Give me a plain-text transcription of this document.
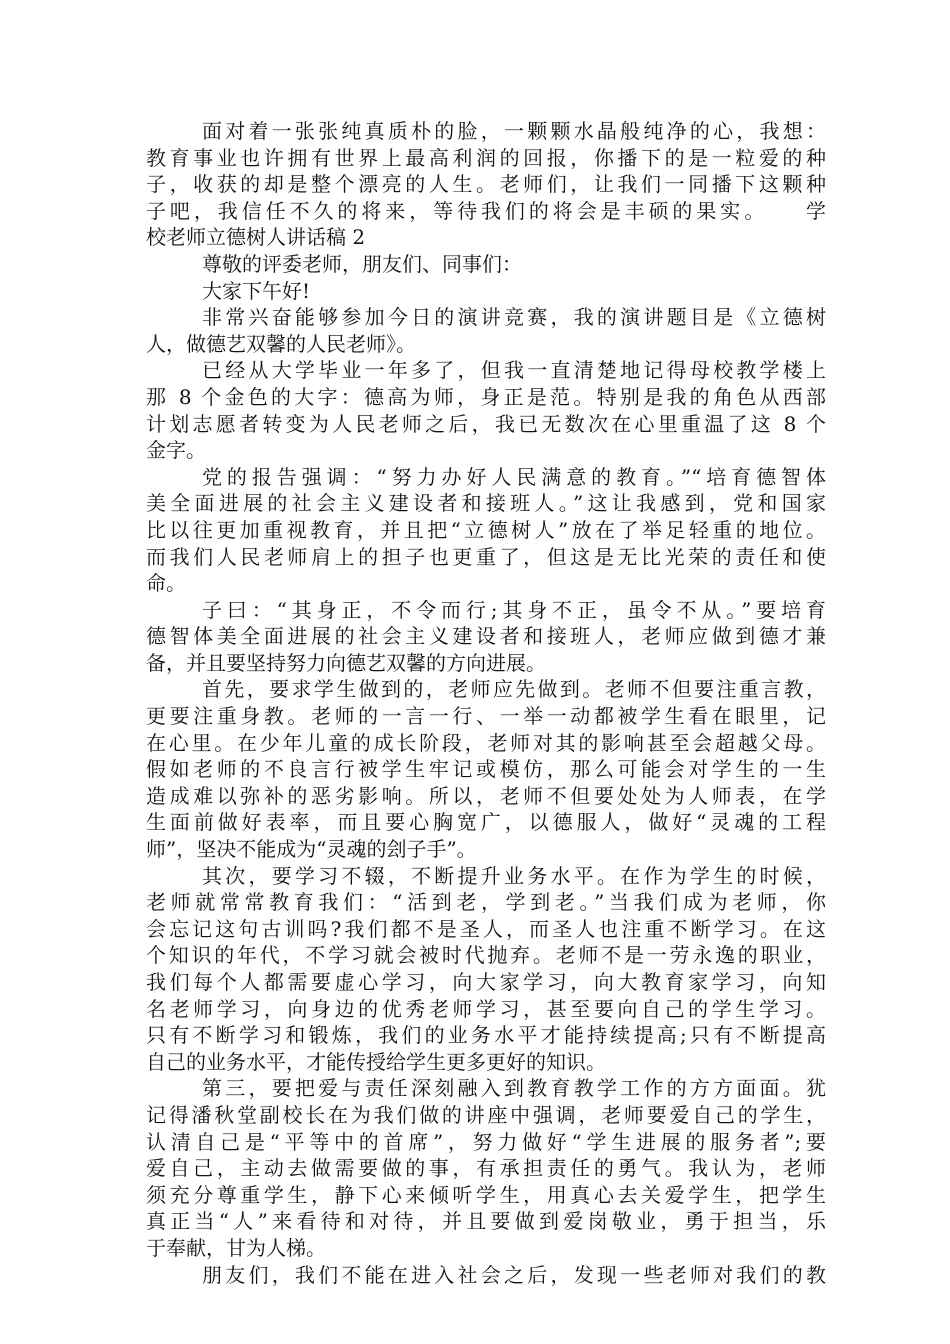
面对着一张张纯真质朴的脸，一颗颗水晶般纯净的心，我想：
教育事业也许拥有世界上最高利润的回报，你播下的是一粒爱的种
子，收获的却是整个漂亮的人生。老师们，让我们一同播下这颗种
子吧，我信任不久的将来，等待我们的将会是丰硕的果实。　　学
校老师立德树人讲话稿 2
尊敬的评委老师，朋友们、同事们：
大家下午好!
非常兴奋能够参加今日的演讲竞赛，我的演讲题目是《立德树
人，做德艺双馨的人民老师》。
已经从大学毕业一年多了，但我一直清楚地记得母校教学楼上
那 8 个金色的大字：德高为师，身正是范。特别是我的角色从西部
计划志愿者转变为人民老师之后，我已无数次在心里重温了这 8 个
金字。
党的报告强调：“努力办好人民满意的教育。”“培育德智体
美全面进展的社会主义建设者和接班人。”这让我感到，党和国家
比以往更加重视教育，并且把“立德树人”放在了举足轻重的地位。
而我们人民老师肩上的担子也更重了，但这是无比光荣的责任和使
命。
子曰：“其身正，不令而行;其身不正，虽令不从。”要培育
德智体美全面进展的社会主义建设者和接班人，老师应做到德才兼
备，并且要坚持努力向德艺双馨的方向进展。
首先，要求学生做到的，老师应先做到。老师不但要注重言教，
更要注重身教。老师的一言一行、一举一动都被学生看在眼里，记
在心里。在少年儿童的成长阶段，老师对其的影响甚至会超越父母。
假如老师的不良言行被学生牢记或模仿，那么可能会对学生的一生
造成难以弥补的恶劣影响。所以，老师不但要处处为人师表，在学
生面前做好表率，而且要心胸宽广，以德服人，做好“灵魂的工程
师”，坚决不能成为“灵魂的刽子手”。
其次，要学习不辍，不断提升业务水平。在作为学生的时候，
老师就常常教育我们：“活到老，学到老。”当我们成为老师，你
会忘记这句古训吗?我们都不是圣人，而圣人也注重不断学习。在这
个知识的年代，不学习就会被时代抛弃。老师不是一劳永逸的职业，
我们每个人都需要虚心学习，向大家学习，向大教育家学习，向知
名老师学习，向身边的优秀老师学习，甚至要向自己的学生学习。
只有不断学习和锻炼，我们的业务水平才能持续提高;只有不断提高
自己的业务水平，才能传授给学生更多更好的知识。
第三，要把爱与责任深刻融入到教育教学工作的方方面面。犹
记得潘秋堂副校长在为我们做的讲座中强调，老师要爱自己的学生，
认清自己是“平等中的首席”，努力做好“学生进展的服务者”;要
爱自己，主动去做需要做的事，有承担责任的勇气。我认为，老师
须充分尊重学生，静下心来倾听学生，用真心去关爱学生，把学生
真正当“人”来看待和对待，并且要做到爱岗敬业，勇于担当，乐
于奉献，甘为人梯。
朋友们，我们不能在进入社会之后，发现一些老师对我们的教
